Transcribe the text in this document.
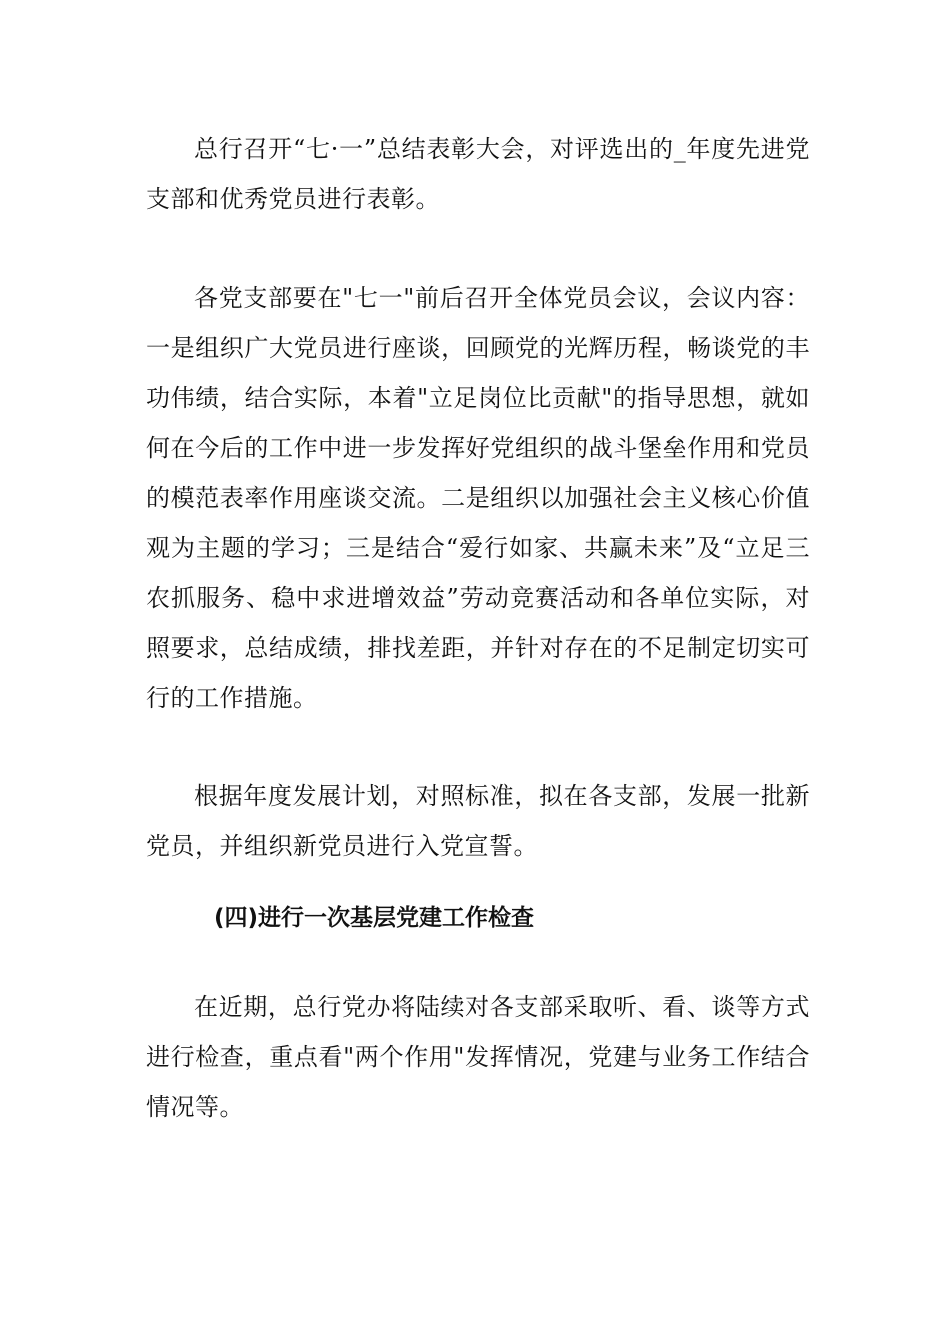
总行召开“七·一”总结表彰大会，对评选出的_年度先进党支部和优秀党员进行表彰。

各党支部要在"七一"前后召开全体党员会议，会议内容：一是组织广大党员进行座谈，回顾党的光辉历程，畅谈党的丰功伟绩，结合实际，本着"立足岗位比贡献"的指导思想，就如何在今后的工作中进一步发挥好党组织的战斗堡垒作用和党员的模范表率作用座谈交流。二是组织以加强社会主义核心价值观为主题的学习；三是结合“爱行如家、共赢未来”及“立足三农抓服务、稳中求进增效益”劳动竞赛活动和各单位实际，对照要求，总结成绩，排找差距，并针对存在的不足制定切实可行的工作措施。

根据年度发展计划，对照标准，拟在各支部，发展一批新党员，并组织新党员进行入党宣誓。

(四)进行一次基层党建工作检查

在近期，总行党办将陆续对各支部采取听、看、谈等方式进行检查，重点看"两个作用"发挥情况，党建与业务工作结合情况等。
